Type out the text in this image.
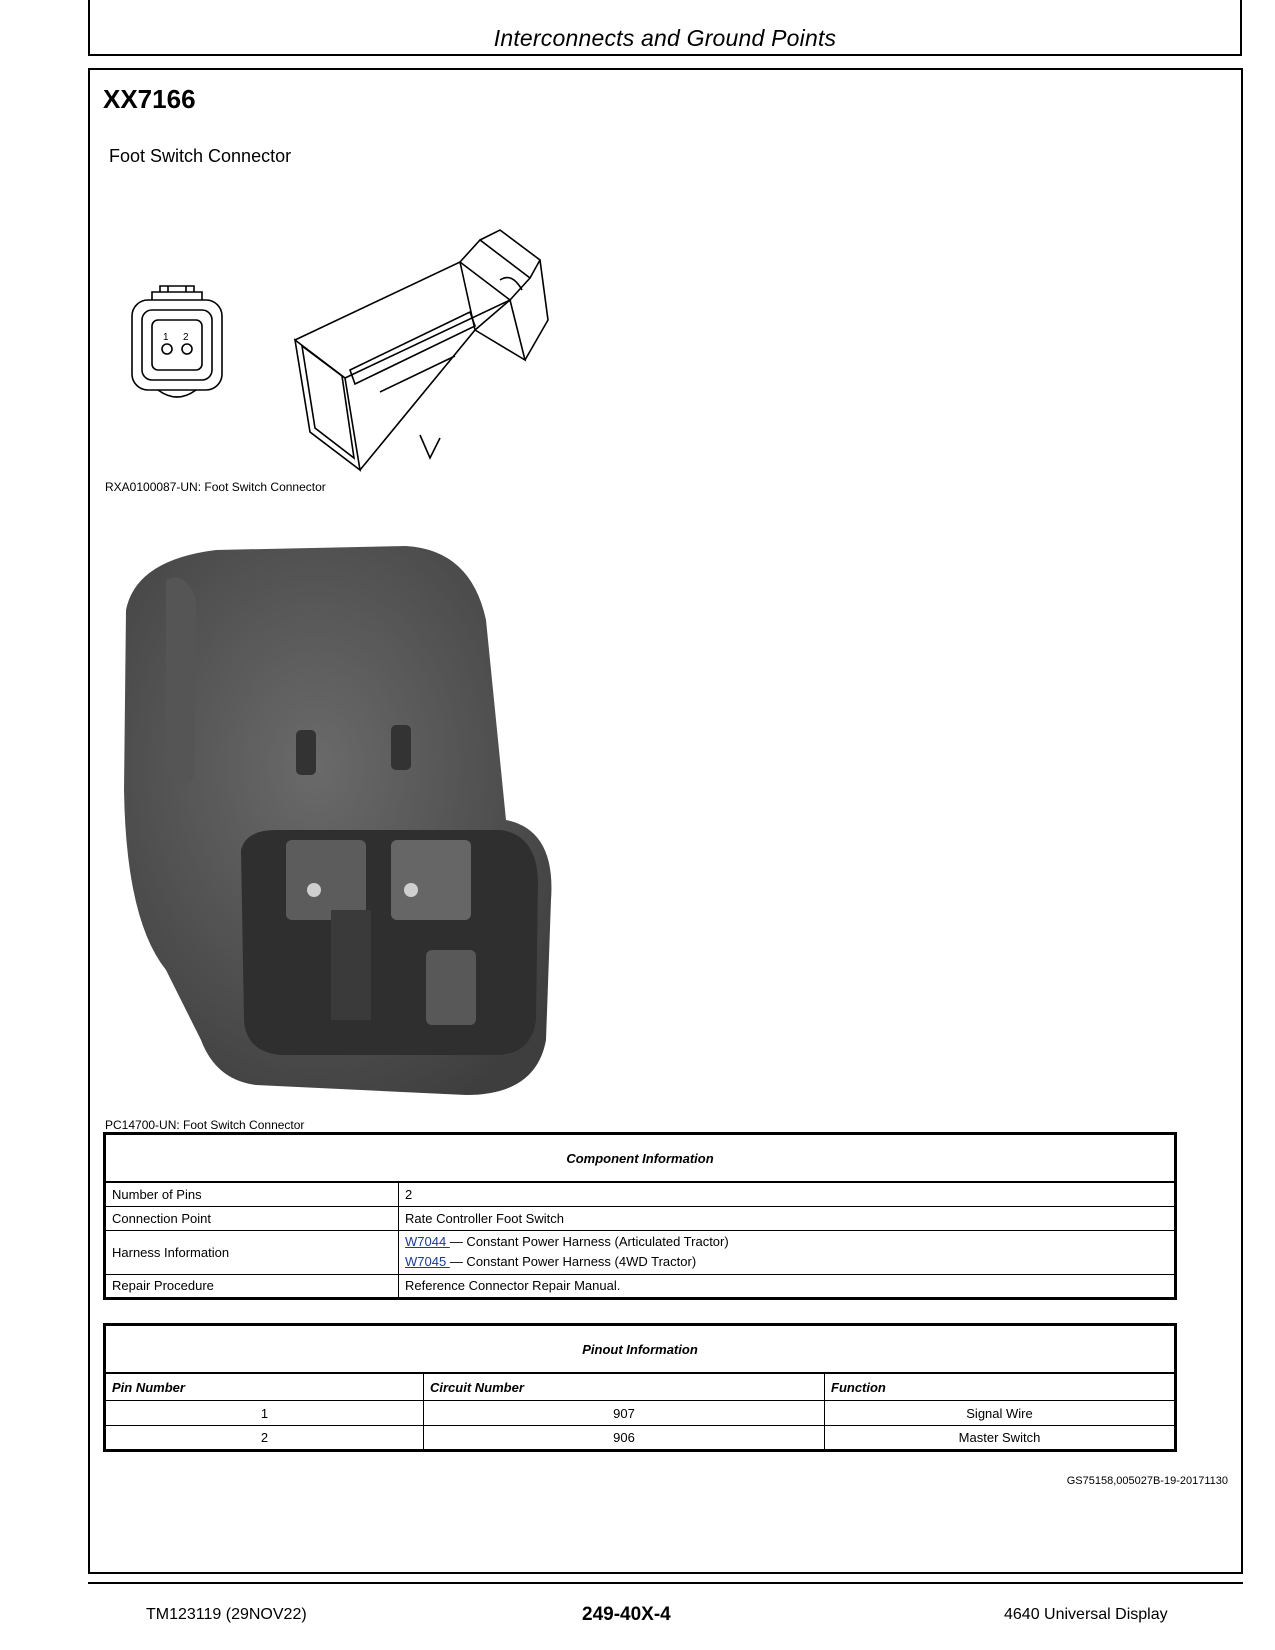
Interconnects and Ground Points
XX7166
Foot Switch Connector
1 2
RXA0100087-UN: Foot Switch Connector
PC14700-UN: Foot Switch Connector
Component Information	
Number of Pins	2
Connection Point	Rate Controller Foot Switch
Harness Information	W7044 — Constant Power Harness (Articulated Tractor)
W7045 — Constant Power Harness (4WD Tractor)
Repair Procedure	Reference Connector Repair Manual.
Pinout Information		
Pin Number	Circuit Number	Function
1	907	Signal Wire
2	906	Master Switch
GS75158,005027B-19-20171130
TM123119 (29NOV22)	249-40X-4	4640 Universal Display
